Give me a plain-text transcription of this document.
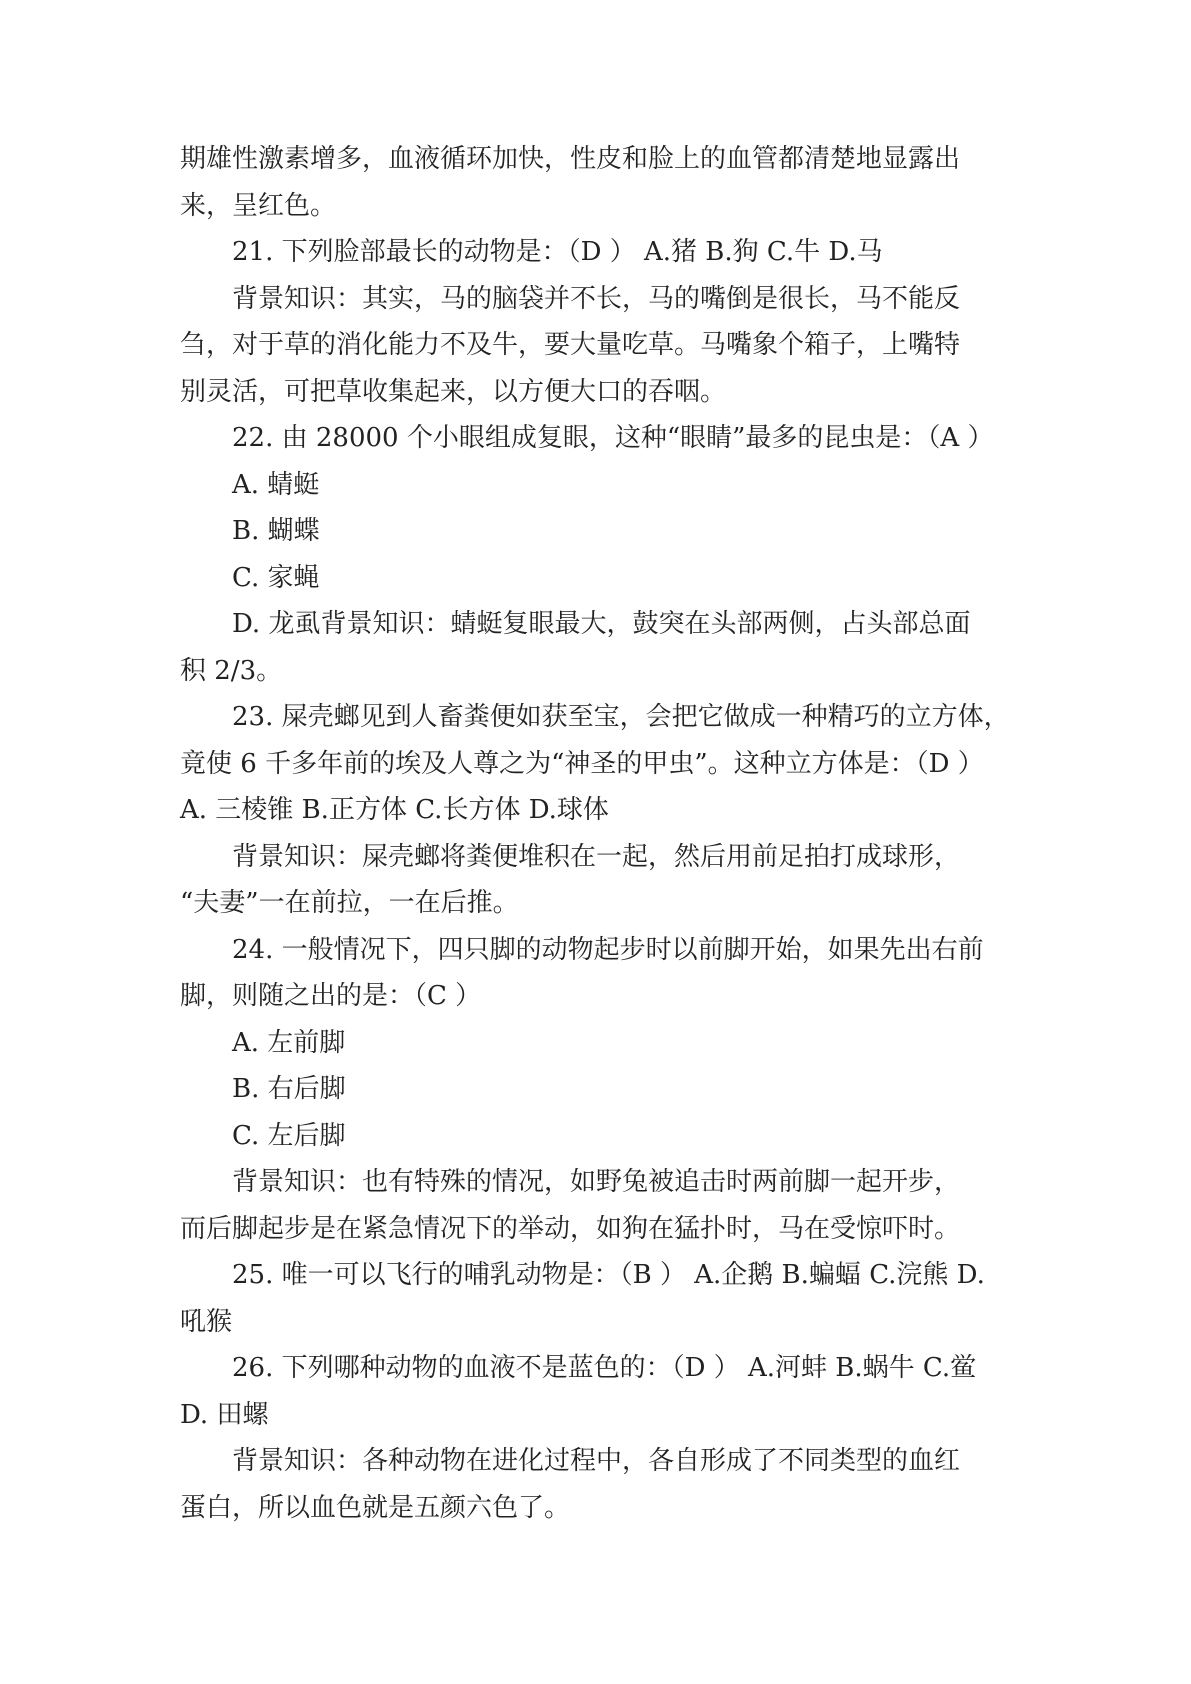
期雄性激素增多，血液循环加快，性皮和脸上的血管都清楚地显露出
来，呈红色。
21. 下列脸部最长的动物是：（D ） A.猪 B.狗 C.牛 D.马
背景知识：其实，马的脑袋并不长，马的嘴倒是很长，马不能反
刍，对于草的消化能力不及牛，要大量吃草。马嘴象个箱子，上嘴特
别灵活，可把草收集起来，以方便大口的吞咽。
22. 由 28000 个小眼组成复眼，这种“眼睛”最多的昆虫是：（A ）
A. 蜻蜓
B. 蝴蝶
C. 家蝇
D. 龙虱背景知识：蜻蜓复眼最大，鼓突在头部两侧，占头部总面
积 2/3。
23. 屎壳螂见到人畜粪便如获至宝，会把它做成一种精巧的立方体，
竟使 6 千多年前的埃及人尊之为“神圣的甲虫”。这种立方体是：（D ）
A. 三棱锥 B.正方体 C.长方体 D.球体
背景知识：屎壳螂将粪便堆积在一起，然后用前足拍打成球形，
“夫妻”一在前拉，一在后推。
24. 一般情况下，四只脚的动物起步时以前脚开始，如果先出右前
脚，则随之出的是：（C ）
A. 左前脚
B. 右后脚
C. 左后脚
背景知识：也有特殊的情况，如野兔被追击时两前脚一起开步，
而后脚起步是在紧急情况下的举动，如狗在猛扑时，马在受惊吓时。
25. 唯一可以飞行的哺乳动物是：（B ） A.企鹅 B.蝙蝠 C.浣熊 D.
吼猴
26. 下列哪种动物的血液不是蓝色的：（D ） A.河蚌 B.蜗牛 C.鲎
D. 田螺
背景知识：各种动物在进化过程中，各自形成了不同类型的血红
蛋白，所以血色就是五颜六色了。
